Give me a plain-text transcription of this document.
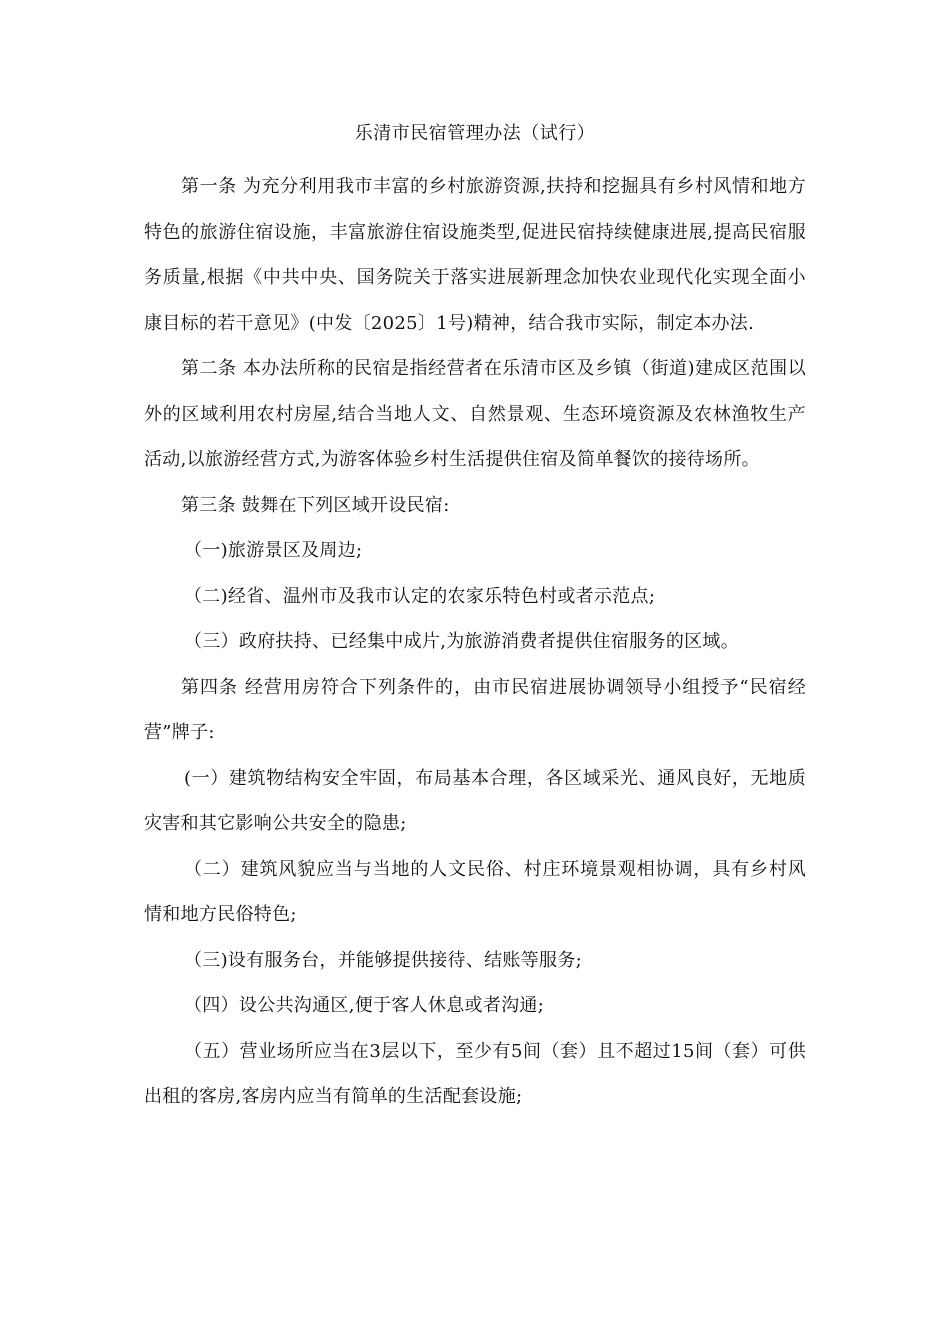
乐清市民宿管理办法（试行）

第一条 为充分利用我市丰富的乡村旅游资源,扶持和挖掘具有乡村风情和地方特色的旅游住宿设施，丰富旅游住宿设施类型,促进民宿持续健康进展,提高民宿服务质量,根据《中共中央、国务院关于落实进展新理念加快农业现代化实现全面小康目标的若干意见》(中发〔2025〕1号)精神，结合我市实际，制定本办法.

第二条 本办法所称的民宿是指经营者在乐清市区及乡镇（街道)建成区范围以外的区域利用农村房屋,结合当地人文、自然景观、生态环境资源及农林渔牧生产活动,以旅游经营方式,为游客体验乡村生活提供住宿及简单餐饮的接待场所。

第三条 鼓舞在下列区域开设民宿:

（一)旅游景区及周边;

（二)经省、温州市及我市认定的农家乐特色村或者示范点;

（三）政府扶持、已经集中成片,为旅游消费者提供住宿服务的区域。

第四条 经营用房符合下列条件的，由市民宿进展协调领导小组授予“民宿经营”牌子:

(一）建筑物结构安全牢固，布局基本合理，各区域采光、通风良好，无地质灾害和其它影响公共安全的隐患;

（二）建筑风貌应当与当地的人文民俗、村庄环境景观相协调，具有乡村风情和地方民俗特色;

（三)设有服务台，并能够提供接待、结账等服务;

（四）设公共沟通区,便于客人休息或者沟通;

（五）营业场所应当在3层以下，至少有5间（套）且不超过15间（套）可供出租的客房,客房内应当有简单的生活配套设施;
